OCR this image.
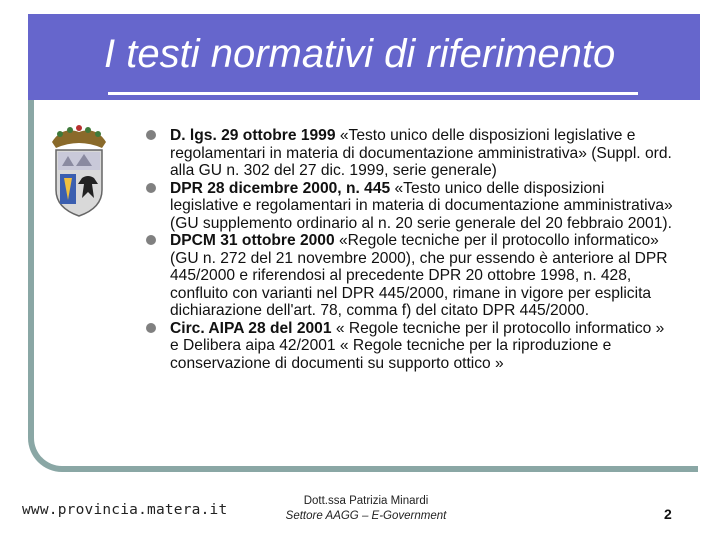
I testi normativi di riferimento
D. lgs. 29 ottobre 1999 «Testo unico delle disposizioni legislative e regolamentari in materia di documentazione amministrativa» (Suppl. ord. alla GU n. 302 del 27 dic. 1999, serie generale)
DPR 28 dicembre 2000, n. 445 «Testo unico delle disposizioni legislative e regolamentari in materia di documentazione amministrativa» (GU supplemento ordinario al n. 20 serie generale del 20 febbraio 2001).
DPCM 31 ottobre 2000 «Regole tecniche per il protocollo informatico» (GU n. 272 del 21 novembre 2000), che pur essendo è anteriore al DPR 445/2000 e riferendosi al precedente DPR 20 ottobre 1998, n. 428, confluito con varianti nel DPR 445/2000, rimane in vigore per esplicita dichiarazione dell'art. 78, comma f) del citato DPR 445/2000.
Circ. AIPA 28 del 2001 « Regole tecniche per il protocollo informatico » e Delibera aipa 42/2001 « Regole tecniche per la riproduzione e conservazione di documenti su supporto ottico »
www.provincia.matera.it
Dott.ssa Patrizia Minardi
Settore AAGG – E-Government	2
